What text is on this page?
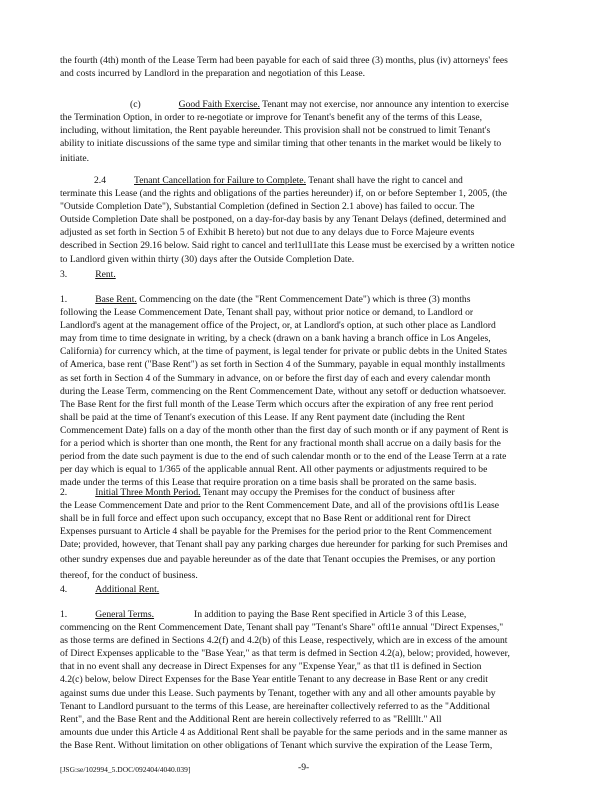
the fourth (4th) month of the Lease Term had been payable for each of said three (3) months, plus (iv) attorneys' fees
and costs incurred by Landlord in the preparation and negotiation of this Lease.
(c)	Good Faith Exercise. Tenant may not exercise, nor announce any intention to exercise
the Termination Option, in order to re-negotiate or improve for Tenant's benefit any of the terms of this Lease,
including, without limitation, the Rent payable hereunder. This provision shall not be construed to limit Tenant's
ability to initiate discussions of the same type and similar timing that other tenants in the market would be likely to
initiate.
2.4	Tenant Cancellation for Failure to Complete. Tenant shall have the right to cancel and
terminate this Lease (and the rights and obligations of the parties hereunder) if, on or before September 1, 2005, (the
"Outside Completion Date"), Substantial Completion (defined in Section 2.1 above) has failed to occur. The
Outside Completion Date shall be postponed, on a day-for-day basis by any Tenant Delays (defined, determined and
adjusted as set forth in Section 5 of Exhibit B hereto) but not due to any delays due to Force Majeure events
described in Section 29.16 below. Said right to cancel and terl1ull1ate this Lease must be exercised by a written notice
to Landlord given within thirty (30) days after the Outside Completion Date.
3.	Rent.
1.	Base Rent. Commencing on the date (the "Rent Commencement Date") which is three (3) months
following the Lease Commencement Date, Tenant shall pay, without prior notice or demand, to Landlord or
Landlord's agent at the management office of the Project, or, at Landlord's option, at such other place as Landlord
may from time to time designate in writing, by a check (drawn on a bank having a branch office in Los Angeles,
California) for currency which, at the time of payment, is legal tender for private or public debts in the United States
of America, base rent ("Base Rent") as set forth in Section 4 of the Summary, payable in equal monthly installments
as set forth in Section 4 of the Summary in advance, on or before the first day of each and every calendar month
during the Lease Term, commencing on the Rent Commencement Date, without any setoff or deduction whatsoever.
The Base Rent for the first full month of the Lease Term which occurs after the expiration of any free rent period
shall be paid at the time of Tenant's execution of this Lease. If any Rent payment date (including the Rent
Commencement Date) falls on a day of the month other than the first day of such month or if any payment of Rent is
for a period which is shorter than one month, the Rent for any fractional month shall accrue on a daily basis for the
period from the date such payment is due to the end of such calendar month or to the end of the Lease Terrn at a rate
per day which is equal to 1/365 of the applicable annual Rent. All other payments or adjustments required to be
made under the terms of this Lease that require proration on a time basis shall be prorated on the same basis.
2.	Initial Three Month Period. Tenant may occupy the Premises for the conduct of business after
the Lease Commencement Date and prior to the Rent Commencement Date, and all of the provisions oftl1is Lease
shall be in full force and effect upon such occupancy, except that no Base Rent or additional rent for Direct
Expenses pursuant to Article 4 shall be payable for the Premises for the period prior to the Rent Commencement
Date; provided, however, that Tenant shall pay any parking charges due hereunder for parking for such Premises and
other sundry expenses due and payable hereunder as of the date that Tenant occupies the Premises, or any portion
thereof, for the conduct of business.
4.	Additional Rent.
1.	General Terms.	In addition to paying the Base Rent specified in Article 3 of this Lease,
commencing on the Rent Commencement Date, Tenant shall pay "Tenant's Share" oftl1e annual "Direct Expenses,"
as those terms are defined in Sections 4.2(f) and 4.2(b) of this Lease, respectively, which are in excess of the amount
of Direct Expenses applicable to the "Base Year," as that term is defmed in Section 4.2(a), below; provided, however,
that in no event shall any decrease in Direct Expenses for any "Expense Year," as that tl1 is defined in Section
4.2(c) below, below Direct Expenses for the Base Year entitle Tenant to any decrease in Base Rent or any credit
against sums due under this Lease. Such payments by Tenant, together with any and all other amounts payable by
Tenant to Landlord pursuant to the terms of this Lease, are hereinafter collectively referred to as the "Additional
Rent", and the Base Rent and the Additional Rent are herein collectively referred to as "Rellllt." All
amounts due under this Article 4 as Additional Rent shall be payable for the same periods and in the same manner as
the Base Rent. Without limitation on other obligations of Tenant which survive the expiration of the Lease Term,
[JSG:se/102994_5.DOC/092404/4040.039]	-9-
